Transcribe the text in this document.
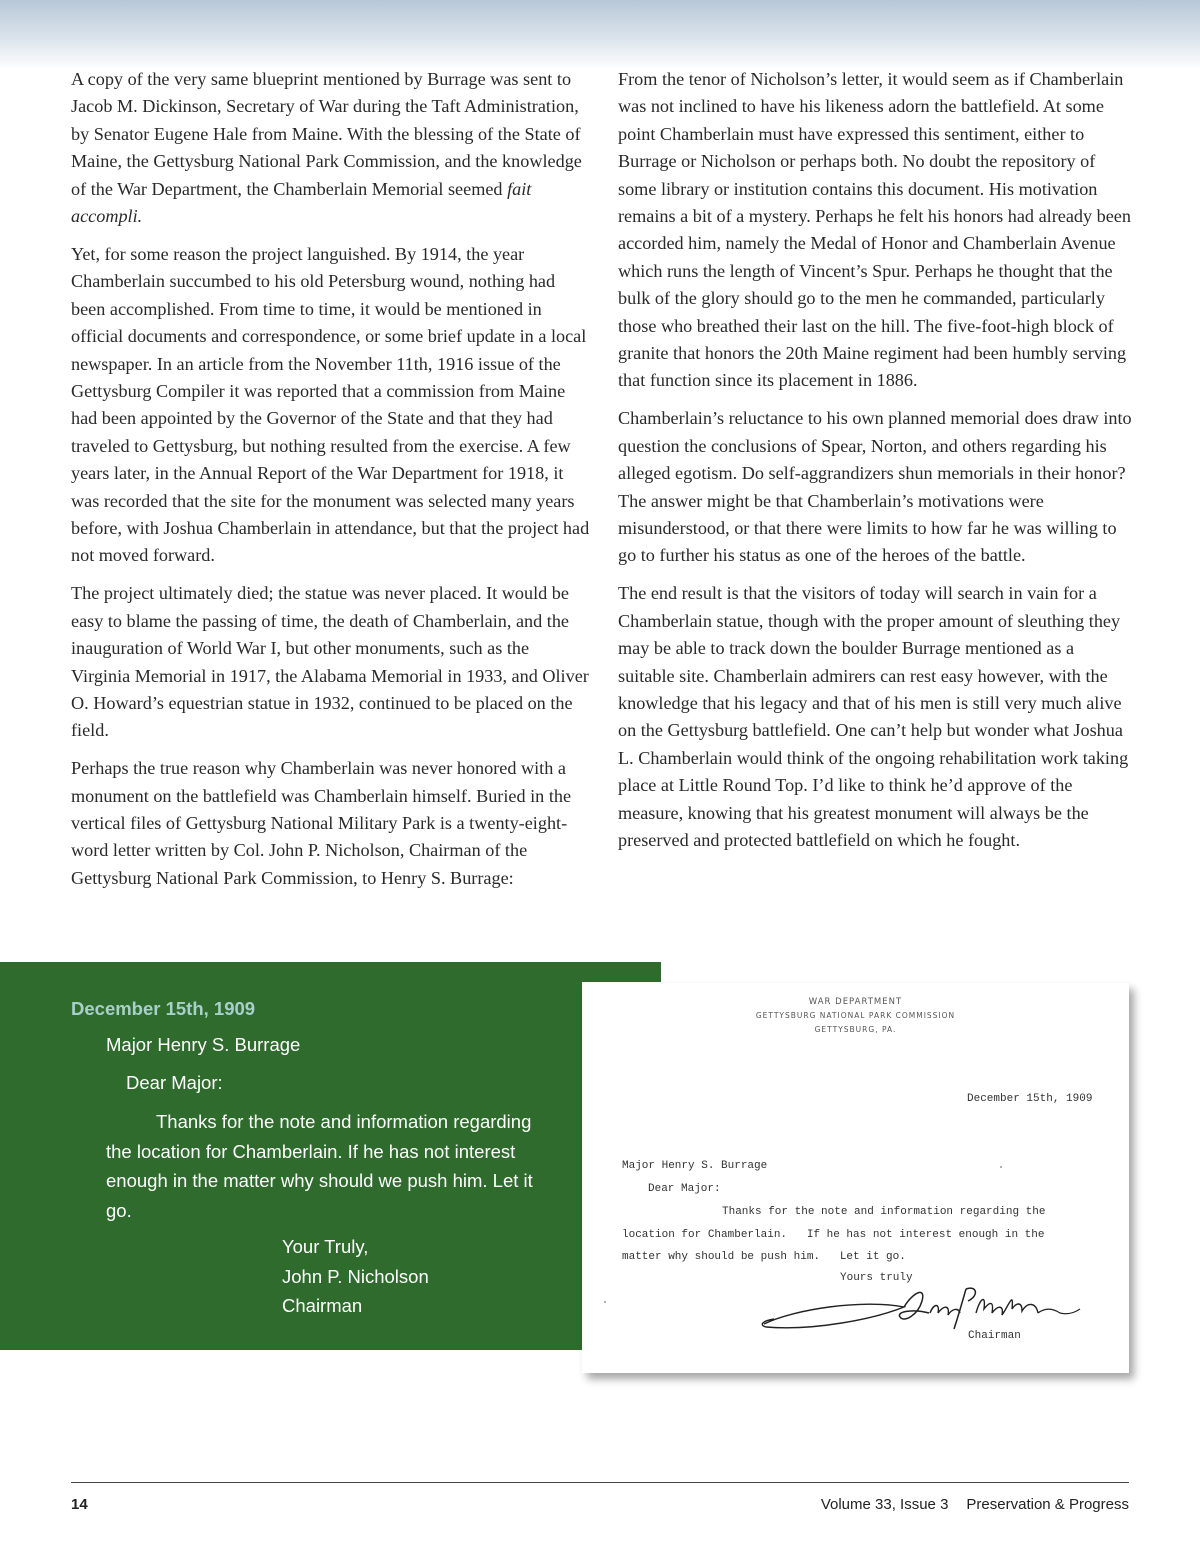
A copy of the very same blueprint mentioned by Burrage was sent to Jacob M. Dickinson, Secretary of War during the Taft Administration, by Senator Eugene Hale from Maine. With the blessing of the State of Maine, the Gettysburg National Park Commission, and the knowledge of the War Department, the Chamberlain Memorial seemed fait accompli.

Yet, for some reason the project languished. By 1914, the year Chamberlain succumbed to his old Petersburg wound, nothing had been accomplished. From time to time, it would be mentioned in official documents and correspondence, or some brief update in a local newspaper. In an article from the November 11th, 1916 issue of the Gettysburg Compiler it was reported that a commission from Maine had been appointed by the Governor of the State and that they had traveled to Gettysburg, but nothing resulted from the exercise. A few years later, in the Annual Report of the War Department for 1918, it was recorded that the site for the monument was selected many years before, with Joshua Chamberlain in attendance, but that the project had not moved forward.

The project ultimately died; the statue was never placed. It would be easy to blame the passing of time, the death of Chamberlain, and the inauguration of World War I, but other monuments, such as the Virginia Memorial in 1917, the Alabama Memorial in 1933, and Oliver O. Howard’s equestrian statue in 1932, continued to be placed on the field.

Perhaps the true reason why Chamberlain was never honored with a monument on the battlefield was Chamberlain himself. Buried in the vertical files of Gettysburg National Military Park is a twenty-eight-word letter written by Col. John P. Nicholson, Chairman of the Gettysburg National Park Commission, to Henry S. Burrage:

From the tenor of Nicholson’s letter, it would seem as if Chamberlain was not inclined to have his likeness adorn the battlefield. At some point Chamberlain must have expressed this sentiment, either to Burrage or Nicholson or perhaps both. No doubt the repository of some library or institution contains this document. His motivation remains a bit of a mystery. Perhaps he felt his honors had already been accorded him, namely the Medal of Honor and Chamberlain Avenue which runs the length of Vincent’s Spur. Perhaps he thought that the bulk of the glory should go to the men he commanded, particularly those who breathed their last on the hill. The five-foot-high block of granite that honors the 20th Maine regiment had been humbly serving that function since its placement in 1886.

Chamberlain’s reluctance to his own planned memorial does draw into question the conclusions of Spear, Norton, and others regarding his alleged egotism. Do self-aggrandizers shun memorials in their honor? The answer might be that Chamberlain’s motivations were misunderstood, or that there were limits to how far he was willing to go to further his status as one of the heroes of the battle.

The end result is that the visitors of today will search in vain for a Chamberlain statue, though with the proper amount of sleuthing they may be able to track down the boulder Burrage mentioned as a suitable site. Chamberlain admirers can rest easy however, with the knowledge that his legacy and that of his men is still very much alive on the Gettysburg battlefield. One can’t help but wonder what Joshua L. Chamberlain would think of the ongoing rehabilitation work taking place at Little Round Top. I’d like to think he’d approve of the measure, knowing that his greatest monument will always be the preserved and protected battlefield on which he fought.

December 15th, 1909
Major Henry S. Burrage
Dear Major:
Thanks for the note and information regarding the location for Chamberlain. If he has not interest enough in the matter why should we push him. Let it go.
Your Truly,
John P. Nicholson
Chairman
WAR DEPARTMENT
GETTYSBURG NATIONAL PARK COMMISSION
GETTYSBURG, PA.
December 15th, 1909
Major Henry S. Burrage
Dear Major:
Thanks for the note and information regarding the
location for Chamberlain.   If he has not interest enough in the
matter why should be push him.   Let it go.
Yours truly
Chairman
14	Volume 33, Issue 3 Preservation & Progress
